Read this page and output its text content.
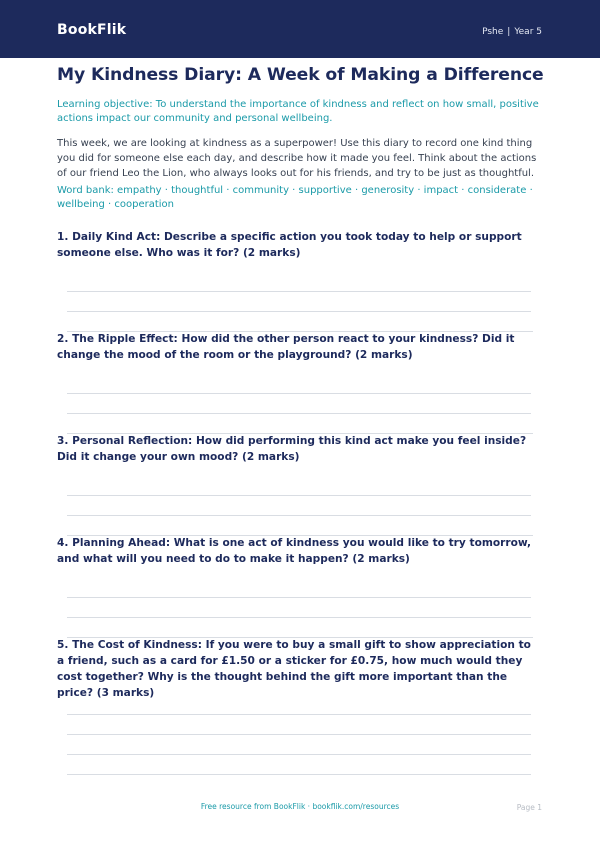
BookFlik	Pshe | Year 5
My Kindness Diary: A Week of Making a Difference
Learning objective: To understand the importance of kindness and reflect on how small, positive actions impact our community and personal wellbeing.
This week, we are looking at kindness as a superpower! Use this diary to record one kind thing you did for someone else each day, and describe how it made you feel. Think about the actions of our friend Leo the Lion, who always looks out for his friends, and try to be just as thoughtful.
Word bank: empathy · thoughtful · community · supportive · generosity · impact · considerate · wellbeing · cooperation
1. Daily Kind Act: Describe a specific action you took today to help or support someone else. Who was it for? (2 marks)
2. The Ripple Effect: How did the other person react to your kindness? Did it change the mood of the room or the playground? (2 marks)
3. Personal Reflection: How did performing this kind act make you feel inside? Did it change your own mood? (2 marks)
4. Planning Ahead: What is one act of kindness you would like to try tomorrow, and what will you need to do to make it happen? (2 marks)
5. The Cost of Kindness: If you were to buy a small gift to show appreciation to a friend, such as a card for £1.50 or a sticker for £0.75, how much would they cost together? Why is the thought behind the gift more important than the price? (3 marks)
Free resource from BookFlik · bookflik.com/resources	Page 1
